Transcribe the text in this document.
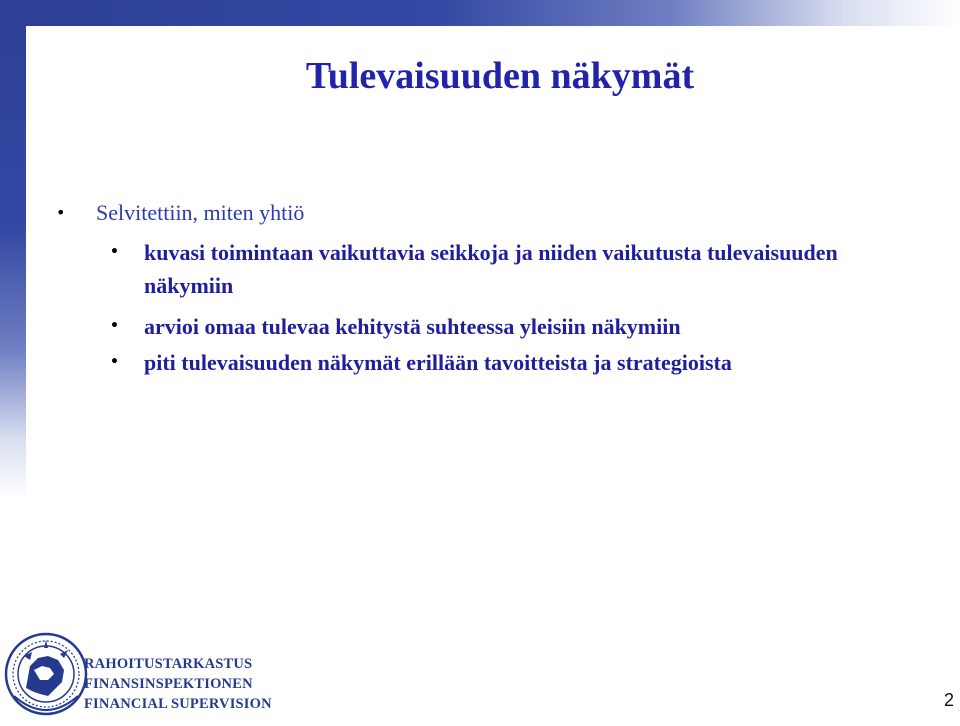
Tulevaisuuden näkymät
• Selvitettiin, miten yhtiö
• kuvasi toimintaan vaikuttavia seikkoja ja niiden vaikutusta tulevaisuuden näkymiin
• arvioi omaa tulevaa kehitystä suhteessa yleisiin näkymiin
• piti tulevaisuuden näkymät erillään tavoitteista ja strategioista
RAHOITUSTARKASTUS
FINANSINSPEKTIONEN
FINANCIAL SUPERVISION	2
